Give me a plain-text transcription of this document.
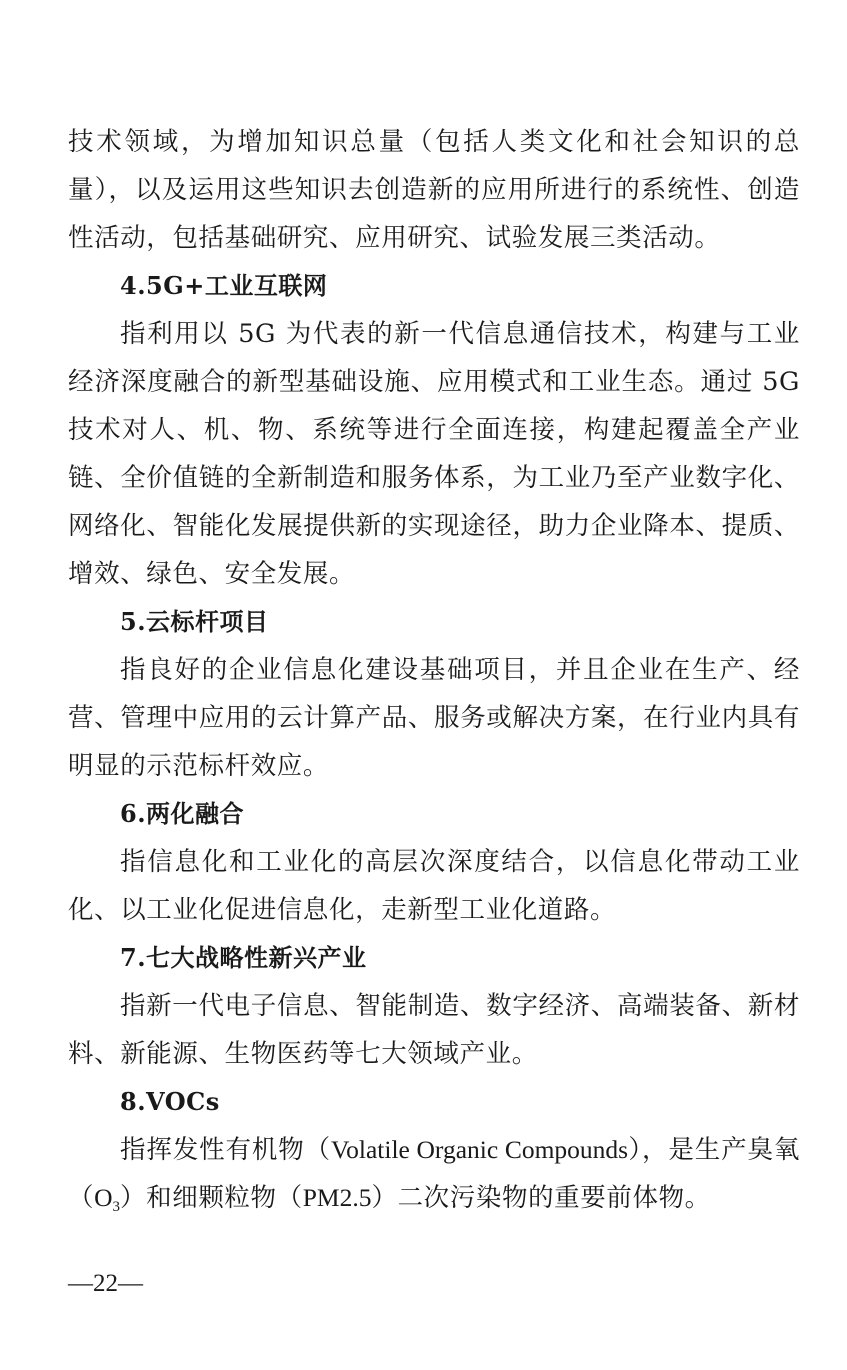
技术领域，为增加知识总量（包括人类文化和社会知识的总量），以及运用这些知识去创造新的应用所进行的系统性、创造性活动，包括基础研究、应用研究、试验发展三类活动。

4.5G+工业互联网

指利用以 5G 为代表的新一代信息通信技术，构建与工业经济深度融合的新型基础设施、应用模式和工业生态。通过 5G 技术对人、机、物、系统等进行全面连接，构建起覆盖全产业链、全价值链的全新制造和服务体系，为工业乃至产业数字化、网络化、智能化发展提供新的实现途径，助力企业降本、提质、增效、绿色、安全发展。

5.云标杆项目

指良好的企业信息化建设基础项目，并且企业在生产、经营、管理中应用的云计算产品、服务或解决方案，在行业内具有明显的示范标杆效应。

6.两化融合

指信息化和工业化的高层次深度结合，以信息化带动工业化、以工业化促进信息化，走新型工业化道路。

7.七大战略性新兴产业

指新一代电子信息、智能制造、数字经济、高端装备、新材料、新能源、生物医药等七大领域产业。

8.VOCs

指挥发性有机物（Volatile Organic Compounds），是生产臭氧$(O_3)$和细颗粒物（PM2.5）二次污染物的重要前体物。

—22—
